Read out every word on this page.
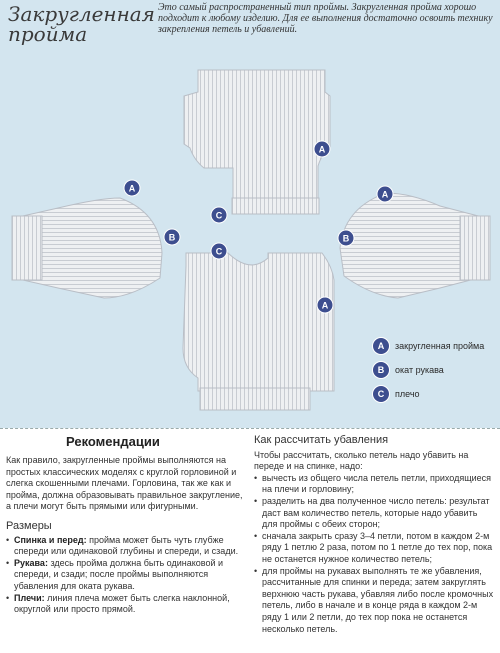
Закругленная
пройма
Это самый распространенный тип проймы. Закругленная пройма хорошо подходит к любому изделию. Для ее выполнения достаточно освоить технику закрепления петель и убавлений.
A
C
A
B
A
B
C
A
A	закругленная пройма
B	окат рукава
C	плечо
Рекомендации

Как правило, закругленные проймы выполняются на простых классических моделях с круглой горловиной и слегка скошенными плечами. Горловина, так же как и пройма, должна образовывать правильное закругление, а плечи могут быть прямыми или фигурными.

Размеры
• Спинка и перед: пройма может быть чуть глубже спереди или одинаковой глубины и спереди, и сзади.
• Рукава: здесь пройма должна быть одинаковой и спереди, и сзади; после проймы выполняются убавления для оката рукава.
• Плечи: линия плеча может быть слегка наклонной, округлой или просто прямой.
Как рассчитать убавления

Чтобы рассчитать, сколько петель надо убавить на переде и на спинке, надо:

• вычесть из общего числа петель петли, приходящиеся на плечи и горловину;
• разделить на два полученное число петель: результат даст вам количество петель, которые надо убавить для проймы с обеих сторон;
• сначала закрыть сразу 3–4 петли, потом в каждом 2-м ряду 1 петлю 2 раза, потом по 1 петле до тех пор, пока не останется нужное количество петель;
• для проймы на рукавах выполнять те же убавления, рассчитанные для спинки и переда; затем закруглять верхнюю часть рукава, убавляя либо после кромочных петель, либо в начале и в конце ряда в каждом 2-м ряду 1 или 2 петли, до тех пор пока не останется несколько петель.
